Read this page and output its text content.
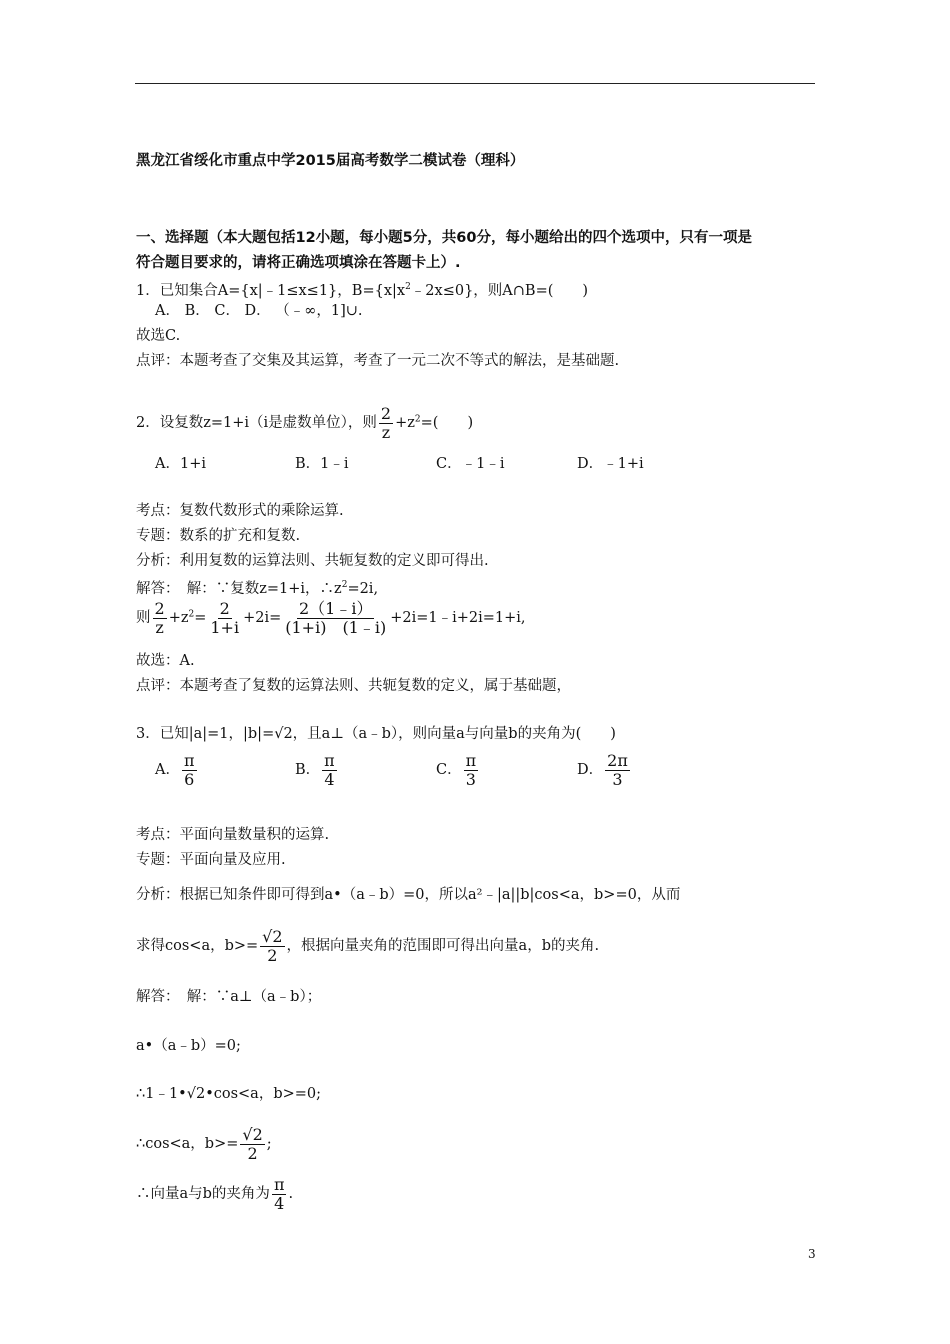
黑龙江省绥化市重点中学2015届高考数学二模试卷（理科）
一、选择题（本大题包括12小题，每小题5分，共60分，每小题给出的四个选项中，只有一项是
符合题目要求的，请将正确选项填涂在答题卡上）.
1．已知集合A={x|﹣1≤x≤1}，$B=\{x|x^2﹣2x\le 0\}$，则A∩B=(　　)
A． B． C． D． （﹣∞，1]∪.
故选C.
点评：本题考查了交集及其运算，考查了一元二次不等式的解法，是基础题.
2．设复数z=1+i（i是虚数单位），则 $\frac{2}{z} +z^2=$(　　)
A．1+i	B．1﹣i	C．﹣1﹣i	D．﹣1+i
考点：复数代数形式的乘除运算.
专题：数系的扩充和复数.
分析：利用复数的运算法则、共轭复数的定义即可得出.
解答：　解：∵复数z=1+i，$\therefore z^2=2i$,
则 $\frac{2}{z} +z^2= \frac{2}{1+i} +2i= \frac{2(1﹣i)}{(1+i) (1﹣i)}$ +2i=1﹣i+2i=1+i,
故选：A.
点评：本题考查了复数的运算法则、共轭复数的定义，属于基础题，
3．已知|a|=1，|b|=√2，且a⊥（a﹣b），则向量a与向量b的夹角为(　　)
A． $\frac{\pi}{6}$	B． $\frac{\pi}{4}$	C． $\frac{\pi}{3}$	D． $\frac{2\pi}{3}$
考点：平面向量数量积的运算.
专题：平面向量及应用.
分析：根据已知条件即可得到a•（a﹣b）=0，所以a²﹣|a||b|cos<a，b>=0，从而
求得cos<a，$b>= \frac{√2}{2}$ ，根据向量夹角的范围即可得出向量a，b的夹角.
解答：　解：∵a⊥（a﹣b）；
a•（a﹣b）=0;
∴1﹣1•√2•cos<a，b>=0;
∴cos<a，$b>= \frac{√2}{2}$ ;
∴向量a与b的夹角为 $\frac{\pi}{4}$ .
3
